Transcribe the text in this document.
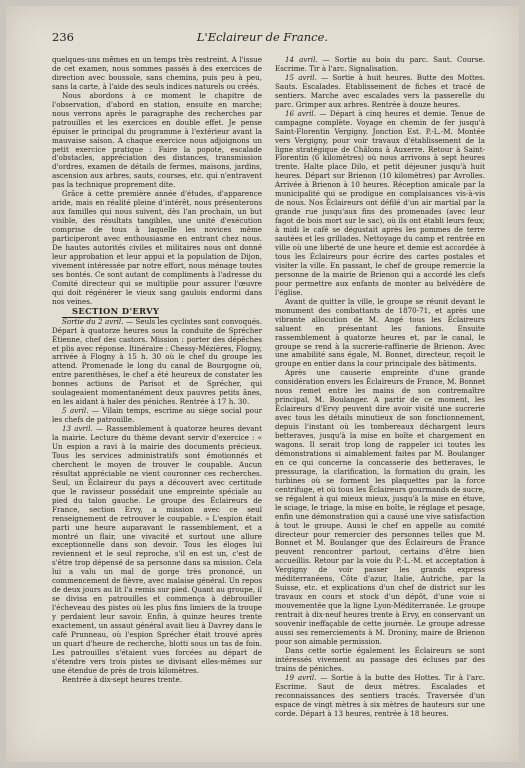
236	L'Eclaireur de France.

quelques-uns mêmes en un temps très restreint. A l'issue de cet examen, nous sommes passés à des exercices de direction avec boussole, sans chemins, puis peu à peu, sans la carte, à l'aide des seuls indices naturels ou créés.

Nous abordons à ce moment le chapitre de l'observation, d'abord en station, ensuite en marche; nous verrons après le paragraphe des recherches par patrouilles et les exercices en double effet. Je pense épuiser le principal du programme à l'extérieur avant la mauvaise saison. A chaque exercice nous adjoignons un petit exercice pratique : Faire la popote, escalade d'obstacles, appréciation des distances, transmission d'ordres, examen de détails de fermes, maisons, jardins, ascension aux arbres, sauts, courses, etc. qui n'entravent pas la technique proprement dite.

Grâce à cette première année d'études, d'apparence aride, mais en réalité pleine d'intérêt, nous présenterons aux familles qui nous suivent, dès l'an prochain, un but visible, des résultats tangibles, une unité d'exécution comprise de tous à laquelle les novices même participeront avec enthousiasme en entrant chez nous. De hautes autorités civiles et militaires nous ont donné leur approbation et leur appui et la population de Dijon, vivement intéressée par notre effort, nous ménage toutes ses bontés. Ce sont autant de compliments à l'adresse du Comité directeur qui se multiplie pour assurer l'œuvre qui doit régénérer le vieux sang gaulois endormi dans nos veines.

SECTION D'ERVY

Sortie du 2 avril. — Seuls les cyclistes sont convoqués. Départ à quatorze heures sous la conduite de Sprécher Étienne, chef des castors. Mission : porter des dépêches et plis avec réponse. Itinéraire : Chessy-Mézières, Flogny, arrivée à Flogny à 15 h. 30 où le chef du groupe les attend. Promenade le long du canal de Bourgogne où, entre parenthèses, le chef a été heureux de constater les bonnes actions de Parisot et de Sprécher, qui soulageaient momentanément deux pauvres petits ânes, en les aidant à haler des péniches. Rentrée à 17 h. 30.

5 avril. — Vilain temps, escrime au siège social pour les chefs de patrouille.

13 avril. — Rassemblement à quatorze heures devant la mairie. Lecture du thème devant servir d'exercice : « Un espion a ravi à la mairie des documents précieux. Tous les services administratifs sont émotionnés et cherchent le moyen de trouver le coupable. Aucun résultat appréciable ne vient couronner ces recherches. Seul, un Éclaireur du pays a découvert avec certitude que le ravisseur possédait une empreinte spéciale au pied du talon gauche. Le groupe des Éclaireurs de France, section Ervy, a mission avec ce seul renseignement de retrouver le coupable. » L'espion était parti une heure auparavant le rassemblement, et a montré un flair, une vivacité et surtout une allure exceptionnelle dans son devoir. Tous les éloges lui reviennent et le seul reproche, s'il en est un, c'est de s'être trop dépensé de sa personne dans sa mission. Cela lui a valu un mal de gorge très prononcé, un commencement de fièvre, avec malaise général. Un repos de deux jours au lit l'a remis sur pied. Quant au groupe, il se divisa en patrouilles et commença à débrouiller l'écheveau des pistes où les plus fins limiers de la troupe y perdaient leur savoir. Enfin, à quinze heures trente exactement, un assaut général avait lieu à Davrey dans le café Prunneau, où l'espion Sprécher était trouvé après un quart d'heure de recherche, blotti sous un tas de foin. Les patrouilles s'étaient vues forcées au départ de s'étendre vers trois pistes se divisant elles-mêmes sur une étendue de près de trois kilomètres.

Rentrée à dix-sept heures trente.

14 avril. — Sortie au bois du parc. Saut. Course. Escrime. Tir à l'arc. Signalisation.

15 avril. — Sortie à huit heures. Butte des Mottes. Sauts. Escalades. Etablissement de fiches et tracé de sentiers. Marche avec escalades vers la passerelle du parc. Grimper aux arbres. Rentrée à douze heures.

16 avril. — Départ à cinq heures et demie. Tenue de campagne complète. Voyage en chemin de fer jusqu'à Saint-Florentin Vergigny. Jonction Est. P.-L.-M. Montée vers Vergigny, pour voir travaux d'établissement de la ligne stratégique de Châlons à Auxerre. Retour à Saint-Florentin (6 kilomètres) où nous arrivons à sept heures trente. Halte place Dilo, et petit déjeuner jusqu'à huit heures. Départ sur Brienon (10 kilomètres) par Avrolles. Arrivée à Brienon à 10 heures. Réception amicale par la municipalité qui se prodigue en complaisances vis-à-vis de nous. Nos Éclaireurs ont défilé d'un air martial par la grande rue jusqu'aux fins des promenades (avec leur fagot de bois mort sur le sac), où ils ont établi leurs feux; à midi le café se dégustait après les pommes de terre sautées et les grillades. Nettoyage du camp et rentrée en ville où une liberté de une heure et demie est accordée à tous les Éclaireurs pour écrire des cartes postales et visiter la ville. En passant, le chef de groupe remercie la personne de la mairie de Brienon qui a accordé les clefs pour permettre aux enfants de monter au belvédère de l'église.

Avant de quitter la ville, le groupe se réunit devant le monument des combattants de 1870-71, et après une vibrante allocution de M. Angé tous les Éclaireurs saluent en présentant les fanions. Ensuite rassemblement à quatorze heures et, par le canal, le groupe se rend à la sucrerie-raffinerie de Brienon. Avec une amabilité sans égale, M. Bonnet, directeur, reçoit le groupe en entier dans la cour principale des bâtiments.

Après une causerie empreinte d'une grande considération envers les Éclaireurs de France, M. Bonnet nous remet entre les mains de son contremaître principal, M. Boulanger. A partir de ce moment, les Éclaireurs d'Ervy peuvent dire avoir visité une sucrerie avec tous les détails minutieux de son fonctionnement, depuis l'instant où les tombereaux déchargent leurs betteraves, jusqu'à la mise en boîte et chargement en wagons. Il serait trop long de rappeler ici toutes les démonstrations si aimablement faites par M. Boulanger en ce qui concerne la concasserie des betteraves, le pressurage, la clarification, la formation du grain, les turbines où se forment les plaquettes par la force centrifuge, et où tous les Éclaireurs gourmands de sucre, se régalent à qui mieux mieux, jusqu'à la mise en étuve, le sciage, le triage, la mise en boîte, le réglage et pesage, enfin une démonstration qui a causé une vive satisfaction à tout le groupe. Aussi le chef en appelle au comité directeur pour remercier des personnes telles que M. Bonnet et M. Boulanger que des Éclaireurs de France peuvent rencontrer partout, certains d'être bien accueillis. Retour par la voie du P.-L.-M. et acceptation à Vergigny de voir passer les grands express méditerranéens, Côte d'azur, Italie, Autriche, par la Suisse, etc. et explications d'un chef de district sur les travaux en cours et stock d'un dépôt, d'une voie si mouvementée que la ligne Lyon-Méditerranée. Le groupe rentrait à dix-neuf heures trente à Ervy, en conservant un souvenir ineffaçable de cette journée. Le groupe adresse aussi ses remerciements à M. Droniny, maire de Brienon pour son aimable permission.

Dans cette sortie également les Éclaireurs se sont intéressés vivement au passage des écluses par des trains de péniches.

19 avril. — Sortie à la butte des Hottes. Tir à l'arc. Escrime. Saut de deux mètres. Escalades et reconnaissances des sentiers tracés. Traversée d'un espace de vingt mètres à six mètres de hauteurs sur une corde. Départ à 13 heures, rentrée à 18 heures.
